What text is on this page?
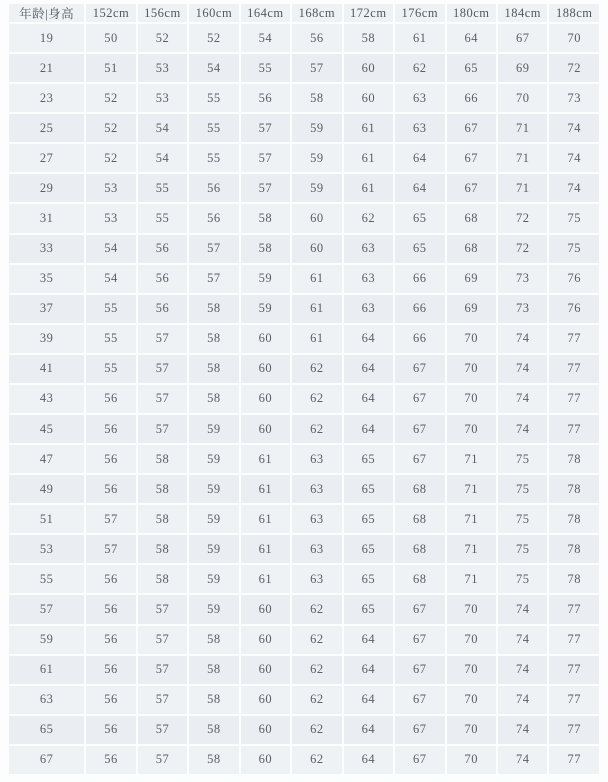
年龄|身高	152cm	156cm	160cm	164cm	168cm	172cm	176cm	180cm	184cm	188cm
19	50	52	52	54	56	58	61	64	67	70
21	51	53	54	55	57	60	62	65	69	72
23	52	53	55	56	58	60	63	66	70	73
25	52	54	55	57	59	61	63	67	71	74
27	52	54	55	57	59	61	64	67	71	74
29	53	55	56	57	59	61	64	67	71	74
31	53	55	56	58	60	62	65	68	72	75
33	54	56	57	58	60	63	65	68	72	75
35	54	56	57	59	61	63	66	69	73	76
37	55	56	58	59	61	63	66	69	73	76
39	55	57	58	60	61	64	66	70	74	77
41	55	57	58	60	62	64	67	70	74	77
43	56	57	58	60	62	64	67	70	74	77
45	56	57	59	60	62	64	67	70	74	77
47	56	58	59	61	63	65	67	71	75	78
49	56	58	59	61	63	65	68	71	75	78
51	57	58	59	61	63	65	68	71	75	78
53	57	58	59	61	63	65	68	71	75	78
55	56	58	59	61	63	65	68	71	75	78
57	56	57	59	60	62	65	67	70	74	77
59	56	57	58	60	62	64	67	70	74	77
61	56	57	58	60	62	64	67	70	74	77
63	56	57	58	60	62	64	67	70	74	77
65	56	57	58	60	62	64	67	70	74	77
67	56	57	58	60	62	64	67	70	74	77
